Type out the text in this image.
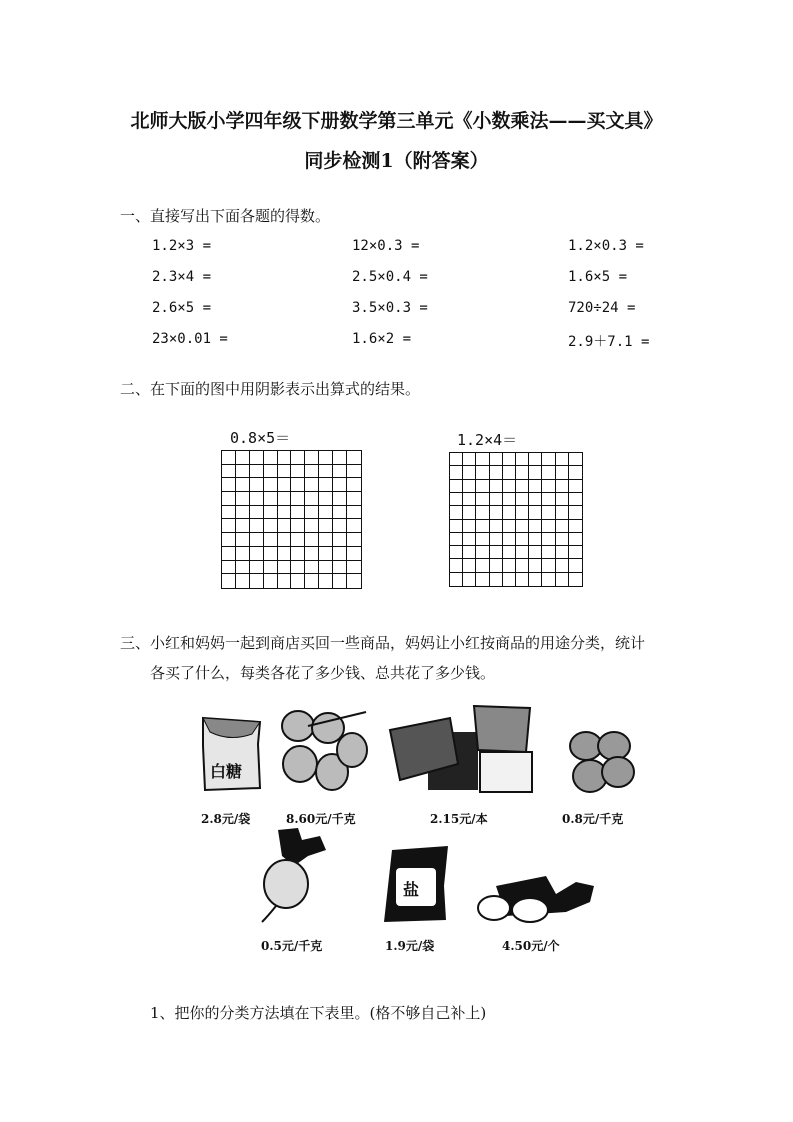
北师大版小学四年级下册数学第三单元《小数乘法——买文具》
同步检测1（附答案）
一、直接写出下面各题的得数。
1.2×3 =	12×0.3 =	1.2×0.3 =
2.3×4 =	2.5×0.4 =	1.6×5 =
2.6×5 =	3.5×0.3 =	720÷24 =
23×0.01 =	1.6×2 =	2.9＋7.1 =
二、在下面的图中用阴影表示出算式的结果。
0.8×5＝	1.2×4＝
三、小红和妈妈一起到商店买回一些商品，妈妈让小红按商品的用途分类，统计
各买了什么，每类各花了多少钱、总共花了多少钱。
白糖
盐
2.8元/袋	8.60元/千克	2.15元/本	0.8元/千克
0.5元/千克	1.9元/袋	4.50元/个
1、把你的分类方法填在下表里。(格不够自己补上)
